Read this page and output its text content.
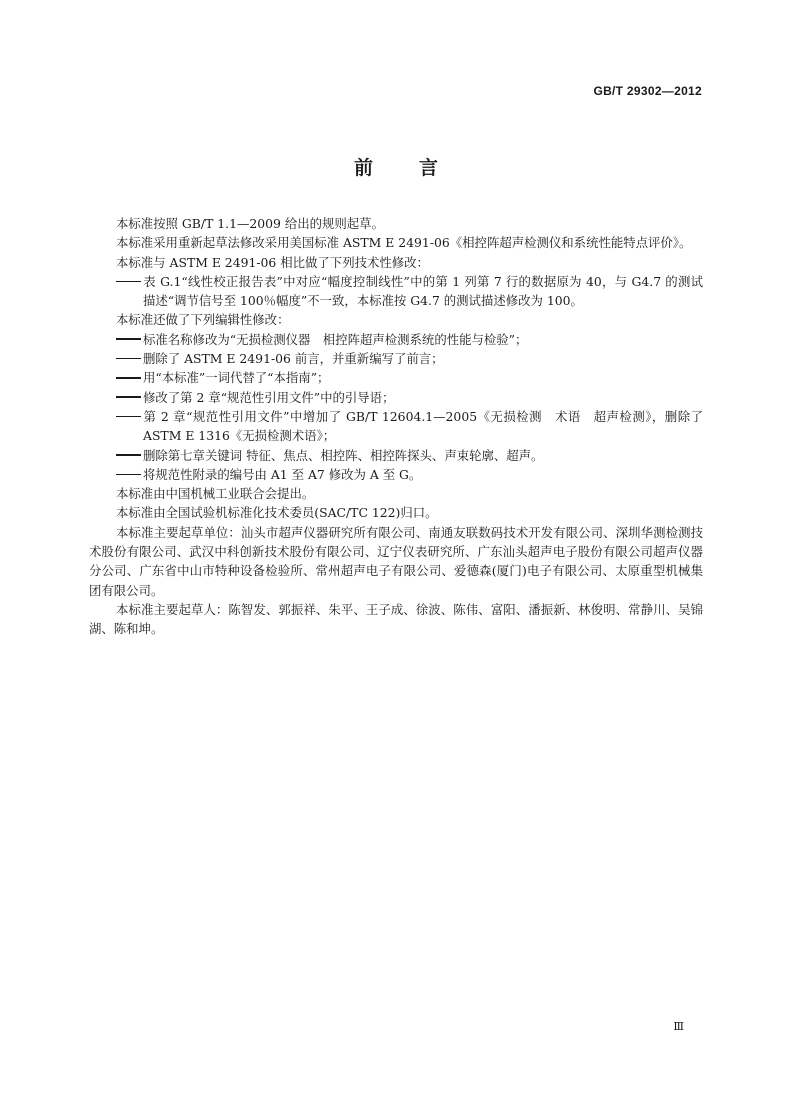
GB/T 29302—2012
前 言

本标准按照 GB/T 1.1—2009 给出的规则起草。

本标准采用重新起草法修改采用美国标准 ASTM E 2491-06《相控阵超声检测仪和系统性能特点评价》。

本标准与 ASTM E 2491-06 相比做了下列技术性修改：

表 G.1“线性校正报告表”中对应“幅度控制线性”中的第 1 列第 7 行的数据原为 40，与 G4.7 的测试描述“调节信号至 100％幅度”不一致，本标准按 G4.7 的测试描述修改为 100。

本标准还做了下列编辑性修改：

标准名称修改为“无损检测仪器　相控阵超声检测系统的性能与检验”；

删除了 ASTM E 2491-06 前言，并重新编写了前言；

用“本标准”一词代替了“本指南”；

修改了第 2 章“规范性引用文件”中的引导语；

第 2 章“规范性引用文件”中增加了 GB/T 12604.1—2005《无损检测　术语　超声检测》，删除了 ASTM E 1316《无损检测术语》；

删除第七章关键词 特征、焦点、相控阵、相控阵探头、声束轮廓、超声。

将规范性附录的编号由 A1 至 A7 修改为 A 至 G。

本标准由中国机械工业联合会提出。

本标准由全国试验机标准化技术委员(SAC/TC 122)归口。

本标准主要起草单位：汕头市超声仪器研究所有限公司、南通友联数码技术开发有限公司、深圳华测检测技术股份有限公司、武汉中科创新技术股份有限公司、辽宁仪表研究所、广东汕头超声电子股份有限公司超声仪器分公司、广东省中山市特种设备检验所、常州超声电子有限公司、爱德森(厦门)电子有限公司、太原重型机械集团有限公司。

本标准主要起草人：陈智发、郭振祥、朱平、王子成、徐波、陈伟、富阳、潘振新、林俊明、常静川、吴锦湖、陈和坤。

Ⅲ
